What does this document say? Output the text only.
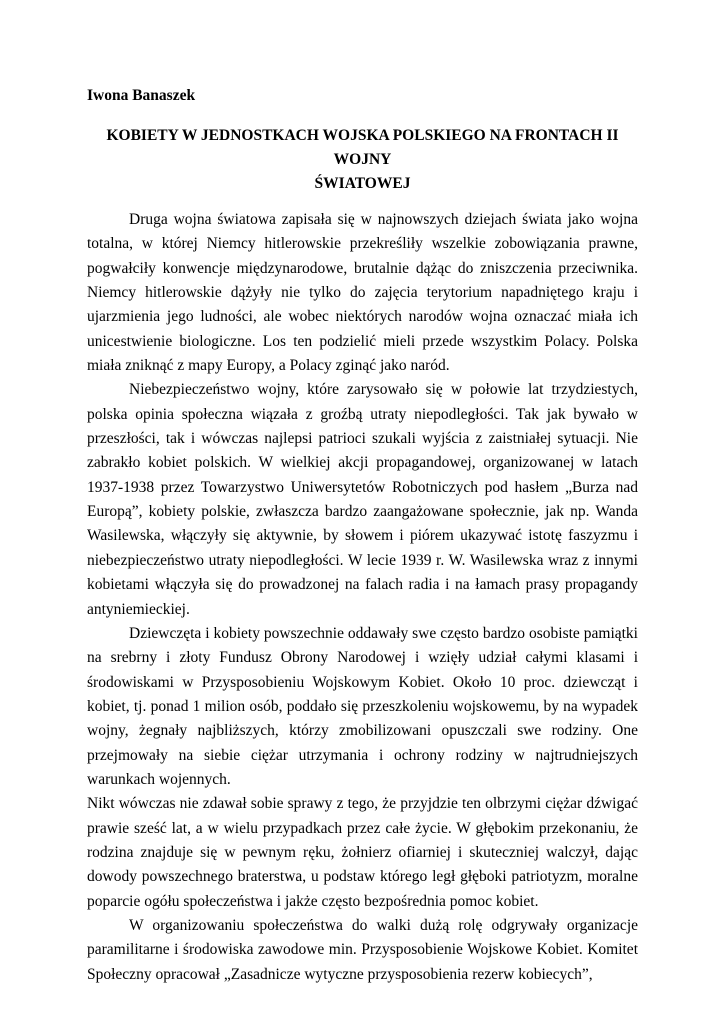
Iwona Banaszek
KOBIETY W JEDNOSTKACH WOJSKA POLSKIEGO NA FRONTACH II WOJNY
ŚWIATOWEJ

Druga wojna światowa zapisała się w najnowszych dziejach świata jako wojna totalna, w której Niemcy hitlerowskie przekreśliły wszelkie zobowiązania prawne, pogwałciły konwencje międzynarodowe, brutalnie dążąc do zniszczenia przeciwnika. Niemcy hitlerowskie dążyły nie tylko do zajęcia terytorium napadniętego kraju i ujarzmienia jego ludności, ale wobec niektórych narodów wojna oznaczać miała ich unicestwienie biologiczne. Los ten podzielić mieli przede wszystkim Polacy. Polska miała zniknąć z mapy Europy, a Polacy zginąć jako naród.

Niebezpieczeństwo wojny, które zarysowało się w połowie lat trzydziestych, polska opinia społeczna wiązała z groźbą utraty niepodległości. Tak jak bywało w przeszłości, tak i wówczas najlepsi patrioci szukali wyjścia z zaistniałej sytuacji. Nie zabrakło kobiet polskich. W wielkiej akcji propagandowej, organizowanej w latach 1937-1938 przez Towarzystwo Uniwersytetów Robotniczych pod hasłem „Burza nad Europą”, kobiety polskie, zwłaszcza bardzo zaangażowane społecznie, jak np. Wanda Wasilewska, włączyły się aktywnie, by słowem i piórem ukazywać istotę faszyzmu i niebezpieczeństwo utraty niepodległości. W lecie 1939 r. W. Wasilewska wraz z innymi kobietami włączyła się do prowadzonej na falach radia i na łamach prasy propagandy antyniemieckiej.

Dziewczęta i kobiety powszechnie oddawały swe często bardzo osobiste pamiątki na srebrny i złoty Fundusz Obrony Narodowej i wzięły udział całymi klasami i środowiskami w Przysposobieniu Wojskowym Kobiet. Około 10 proc. dziewcząt i kobiet, tj. ponad 1 milion osób, poddało się przeszkoleniu wojskowemu, by na wypadek wojny, żegnały najbliższych, którzy zmobilizowani opuszczali swe rodziny. One przejmowały na siebie ciężar utrzymania i ochrony rodziny w najtrudniejszych warunkach wojennych.

Nikt wówczas nie zdawał sobie sprawy z tego, że przyjdzie ten olbrzymi ciężar dźwigać prawie sześć lat, a w wielu przypadkach przez całe życie. W głębokim przekonaniu, że rodzina znajduje się w pewnym ręku, żołnierz ofiarniej i skuteczniej walczył, dając dowody powszechnego braterstwa, u podstaw którego legł głęboki patriotyzm, moralne poparcie ogółu społeczeństwa i jakże często bezpośrednia pomoc kobiet.

W organizowaniu społeczeństwa do walki dużą rolę odgrywały organizacje paramilitarne i środowiska zawodowe min. Przysposobienie Wojskowe Kobiet. Komitet Społeczny opracował „Zasadnicze wytyczne przysposobienia rezerw kobiecych”,
